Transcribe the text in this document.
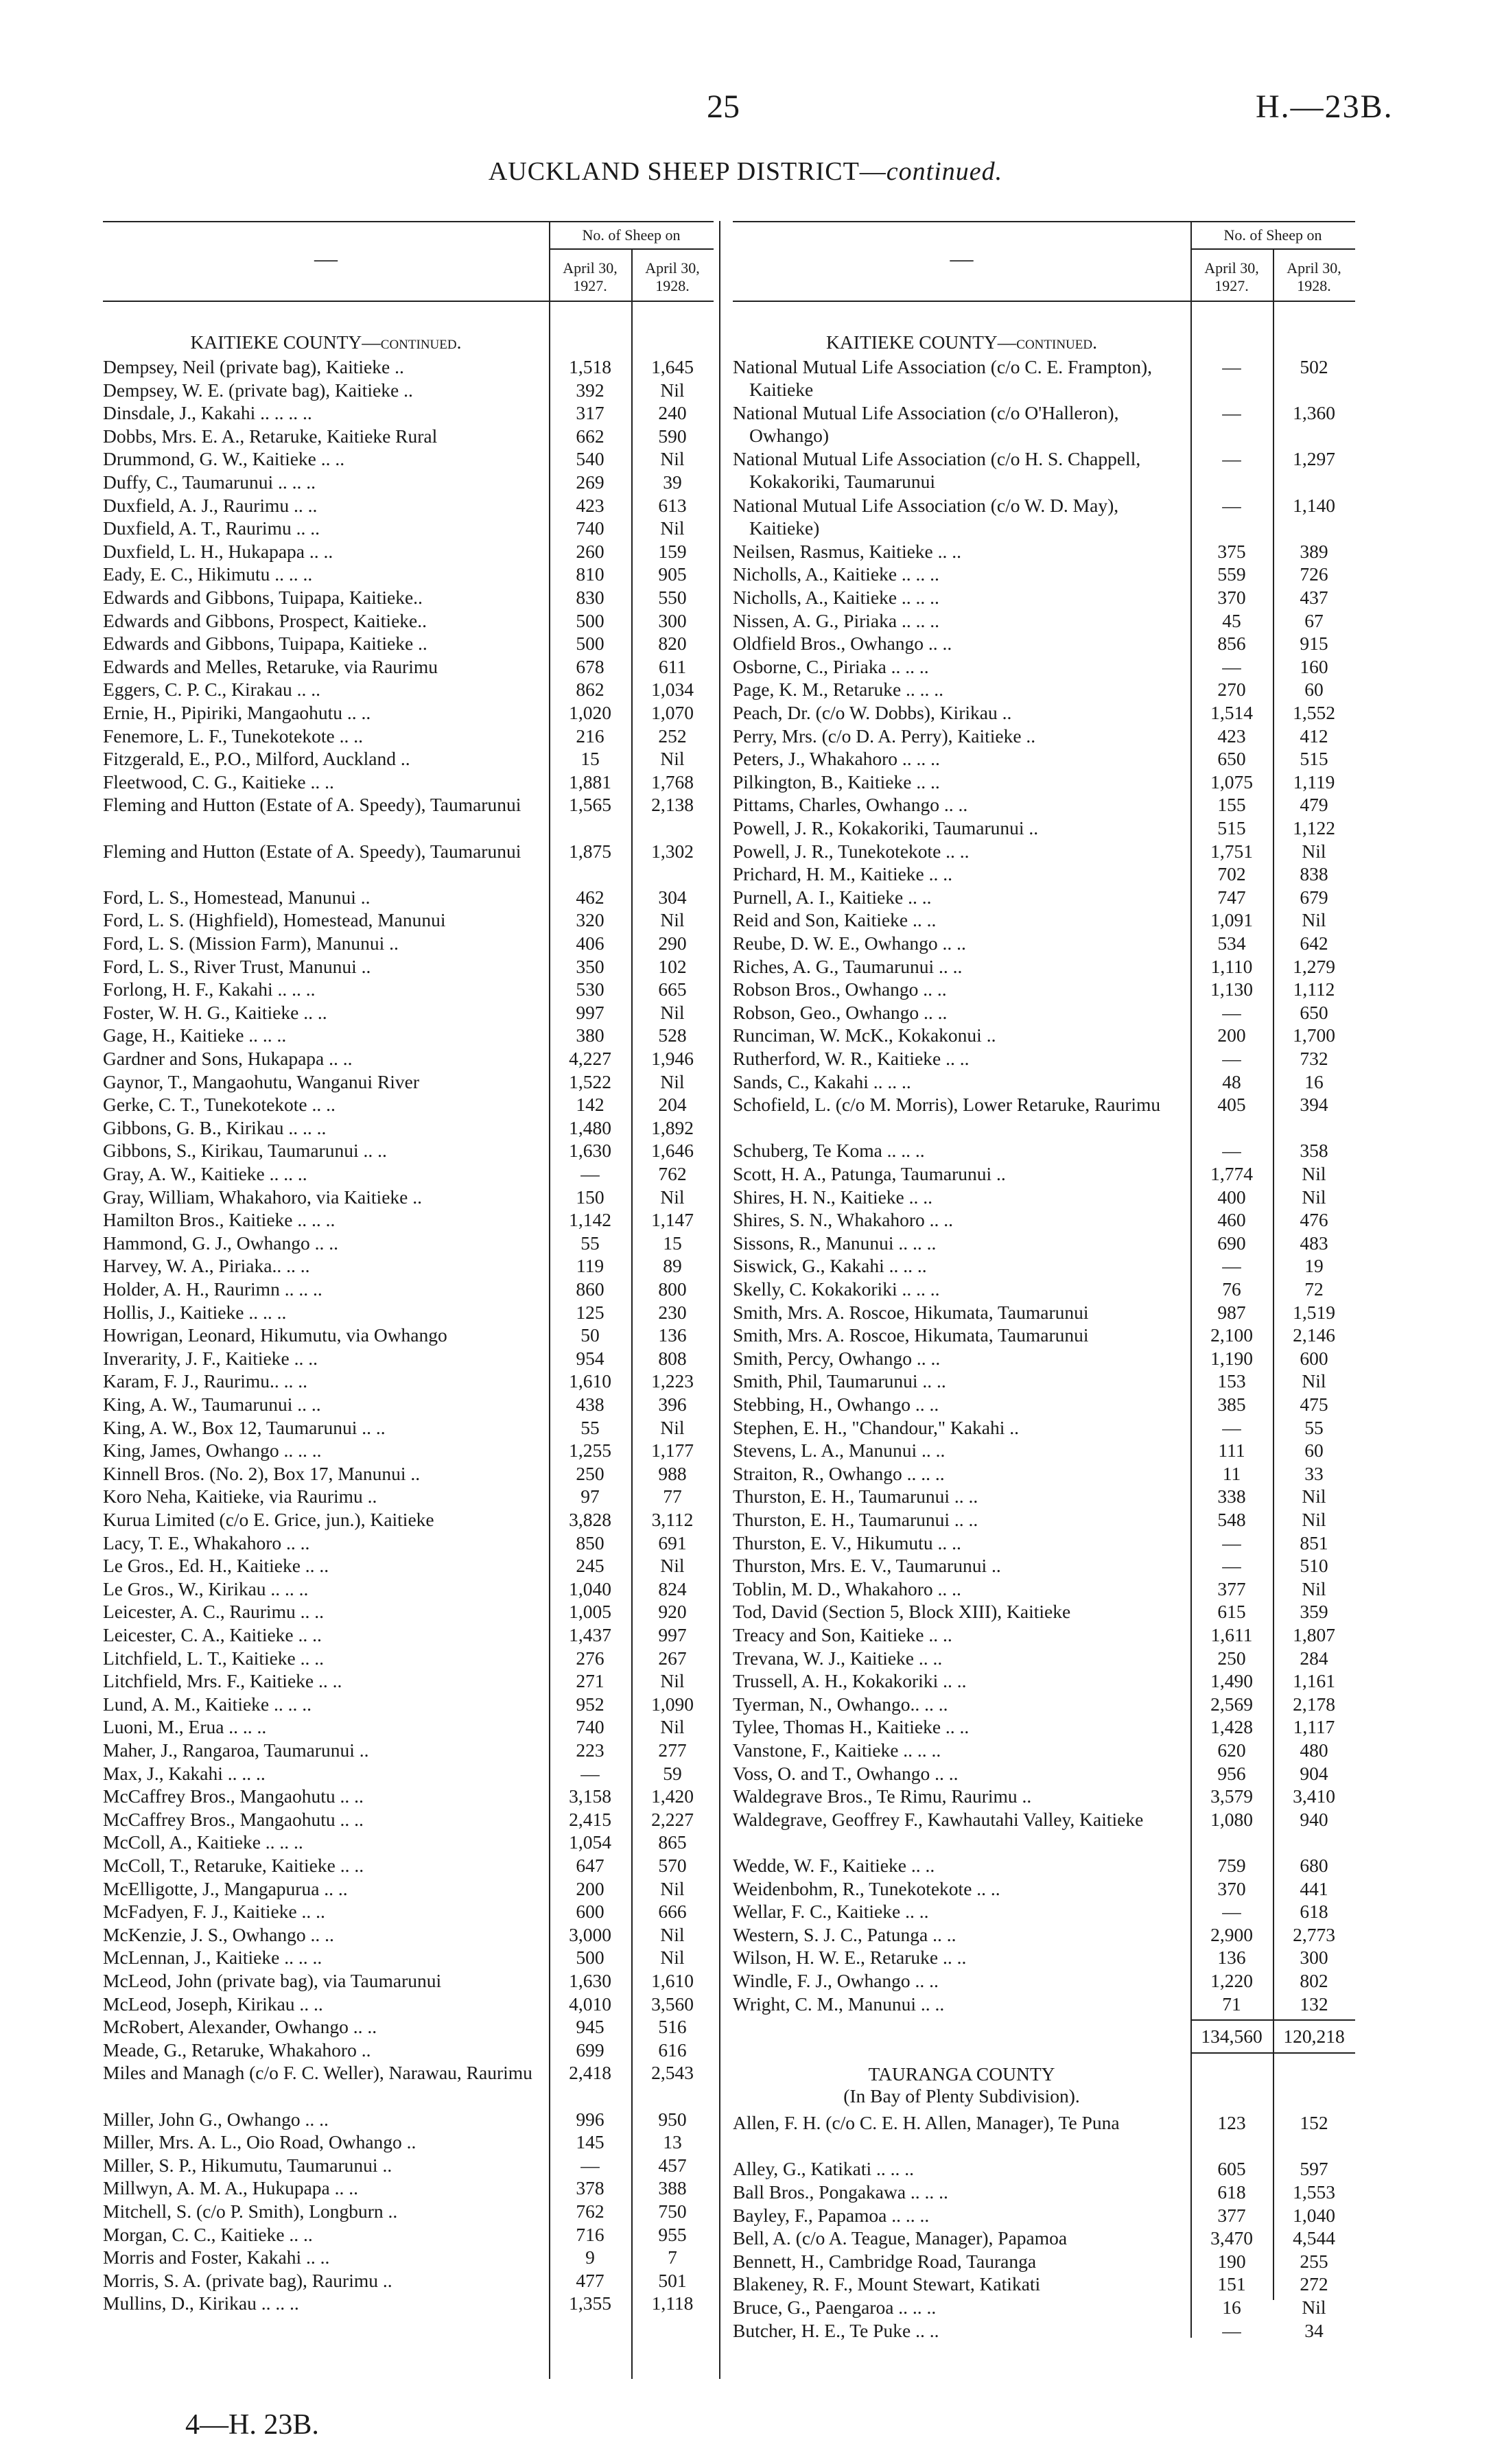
25	H.—23B.
AUCKLAND SHEEP DISTRICT—continued.
—
No. of Sheep on
April 30, 1927.
April 30, 1928.
KAITIEKE COUNTY—continued.
—
No. of Sheep on
April 30, 1927.
April 30, 1928.
KAITIEKE COUNTY—continued.
Dempsey, Neil (private bag), Kaitieke ..	1,518	1,645
Dempsey, W. E. (private bag), Kaitieke ..	392	Nil
Dinsdale, J., Kakahi .. .. .. ..	317	240
Dobbs, Mrs. E. A., Retaruke, Kaitieke Rural	662	590
Drummond, G. W., Kaitieke .. ..	540	Nil
Duffy, C., Taumarunui .. .. ..	269	39
Duxfield, A. J., Raurimu .. ..	423	613
Duxfield, A. T., Raurimu .. ..	740	Nil
Duxfield, L. H., Hukapapa .. ..	260	159
Eady, E. C., Hikimutu .. .. ..	810	905
Edwards and Gibbons, Tuipapa, Kaitieke..	830	550
Edwards and Gibbons, Prospect, Kaitieke..	500	300
Edwards and Gibbons, Tuipapa, Kaitieke ..	500	820
Edwards and Melles, Retaruke, via Raurimu	678	611
Eggers, C. P. C., Kirakau .. ..	862	1,034
Ernie, H., Pipiriki, Mangaohutu .. ..	1,020	1,070
Fenemore, L. F., Tunekotekote .. ..	216	252
Fitzgerald, E., P.O., Milford, Auckland ..	15	Nil
Fleetwood, C. G., Kaitieke .. ..	1,881	1,768
Fleming and Hutton (Estate of A. Speedy), Taumarunui	1,565	2,138
Fleming and Hutton (Estate of A. Speedy), Taumarunui	1,875	1,302
Ford, L. S., Homestead, Manunui ..	462	304
Ford, L. S. (Highfield), Homestead, Manunui	320	Nil
Ford, L. S. (Mission Farm), Manunui ..	406	290
Ford, L. S., River Trust, Manunui ..	350	102
Forlong, H. F., Kakahi .. .. ..	530	665
Foster, W. H. G., Kaitieke .. ..	997	Nil
Gage, H., Kaitieke .. .. ..	380	528
Gardner and Sons, Hukapapa .. ..	4,227	1,946
Gaynor, T., Mangaohutu, Wanganui River	1,522	Nil
Gerke, C. T., Tunekotekote .. ..	142	204
Gibbons, G. B., Kirikau .. .. ..	1,480	1,892
Gibbons, S., Kirikau, Taumarunui .. ..	1,630	1,646
Gray, A. W., Kaitieke .. .. ..	—	762
Gray, William, Whakahoro, via Kaitieke ..	150	Nil
Hamilton Bros., Kaitieke .. .. ..	1,142	1,147
Hammond, G. J., Owhango .. ..	55	15
Harvey, W. A., Piriaka.. .. ..	119	89
Holder, A. H., Raurimn .. .. ..	860	800
Hollis, J., Kaitieke .. .. ..	125	230
Howrigan, Leonard, Hikumutu, via Owhango	50	136
Inverarity, J. F., Kaitieke .. ..	954	808
Karam, F. J., Raurimu.. .. ..	1,610	1,223
King, A. W., Taumarunui .. ..	438	396
King, A. W., Box 12, Taumarunui .. ..	55	Nil
King, James, Owhango .. .. ..	1,255	1,177
Kinnell Bros. (No. 2), Box 17, Manunui ..	250	988
Koro Neha, Kaitieke, via Raurimu ..	97	77
Kurua Limited (c/o E. Grice, jun.), Kaitieke	3,828	3,112
Lacy, T. E., Whakahoro .. ..	850	691
Le Gros., Ed. H., Kaitieke .. ..	245	Nil
Le Gros., W., Kirikau .. .. ..	1,040	824
Leicester, A. C., Raurimu .. ..	1,005	920
Leicester, C. A., Kaitieke .. ..	1,437	997
Litchfield, L. T., Kaitieke .. ..	276	267
Litchfield, Mrs. F., Kaitieke .. ..	271	Nil
Lund, A. M., Kaitieke .. .. ..	952	1,090
Luoni, M., Erua .. .. ..	740	Nil
Maher, J., Rangaroa, Taumarunui ..	223	277
Max, J., Kakahi .. .. ..	—	59
McCaffrey Bros., Mangaohutu .. ..	3,158	1,420
McCaffrey Bros., Mangaohutu .. ..	2,415	2,227
McColl, A., Kaitieke .. .. ..	1,054	865
McColl, T., Retaruke, Kaitieke .. ..	647	570
McElligotte, J., Mangapurua .. ..	200	Nil
McFadyen, F. J., Kaitieke .. ..	600	666
McKenzie, J. S., Owhango .. ..	3,000	Nil
McLennan, J., Kaitieke .. .. ..	500	Nil
McLeod, John (private bag), via Taumarunui	1,630	1,610
McLeod, Joseph, Kirikau .. ..	4,010	3,560
McRobert, Alexander, Owhango .. ..	945	516
Meade, G., Retaruke, Whakahoro ..	699	616
Miles and Managh (c/o F. C. Weller), Narawau, Raurimu	2,418	2,543
Miller, John G., Owhango .. ..	996	950
Miller, Mrs. A. L., Oio Road, Owhango ..	145	13
Miller, S. P., Hikumutu, Taumarunui ..	—	457
Millwyn, A. M. A., Hukupapa .. ..	378	388
Mitchell, S. (c/o P. Smith), Longburn ..	762	750
Morgan, C. C., Kaitieke .. ..	716	955
Morris and Foster, Kakahi .. ..	9	7
Morris, S. A. (private bag), Raurimu ..	477	501
Mullins, D., Kirikau .. .. ..	1,355	1,118
National Mutual Life Association (c/o C. E. Frampton), Kaitieke
—	502
National Mutual Life Association (c/o O'Halleron), Owhango)
—	1,360
National Mutual Life Association (c/o H. S. Chappell, Kokakoriki, Taumarunui
—	1,297
National Mutual Life Association (c/o W. D. May), Kaitieke)
—	1,140
Neilsen, Rasmus, Kaitieke .. ..	375	389
Nicholls, A., Kaitieke .. .. ..	559	726
Nicholls, A., Kaitieke .. .. ..	370	437
Nissen, A. G., Piriaka .. .. ..	45	67
Oldfield Bros., Owhango .. ..	856	915
Osborne, C., Piriaka .. .. ..	—	160
Page, K. M., Retaruke .. .. ..	270	60
Peach, Dr. (c/o W. Dobbs), Kirikau ..	1,514	1,552
Perry, Mrs. (c/o D. A. Perry), Kaitieke ..	423	412
Peters, J., Whakahoro .. .. ..	650	515
Pilkington, B., Kaitieke .. ..	1,075	1,119
Pittams, Charles, Owhango .. ..	155	479
Powell, J. R., Kokakoriki, Taumarunui ..	515	1,122
Powell, J. R., Tunekotekote .. ..	1,751	Nil
Prichard, H. M., Kaitieke .. ..	702	838
Purnell, A. I., Kaitieke .. ..	747	679
Reid and Son, Kaitieke .. ..	1,091	Nil
Reube, D. W. E., Owhango .. ..	534	642
Riches, A. G., Taumarunui .. ..	1,110	1,279
Robson Bros., Owhango .. ..	1,130	1,112
Robson, Geo., Owhango .. ..	—	650
Runciman, W. McK., Kokakonui ..	200	1,700
Rutherford, W. R., Kaitieke .. ..	—	732
Sands, C., Kakahi .. .. ..	48	16
Schofield, L. (c/o M. Morris), Lower Retaruke, Raurimu	405	394
Schuberg, Te Koma .. .. ..	—	358
Scott, H. A., Patunga, Taumarunui ..	1,774	Nil
Shires, H. N., Kaitieke .. ..	400	Nil
Shires, S. N., Whakahoro .. ..	460	476
Sissons, R., Manunui .. .. ..	690	483
Siswick, G., Kakahi .. .. ..	—	19
Skelly, C. Kokakoriki .. .. ..	76	72
Smith, Mrs. A. Roscoe, Hikumata, Taumarunui	987	1,519
Smith, Mrs. A. Roscoe, Hikumata, Taumarunui	2,100	2,146
Smith, Percy, Owhango .. ..	1,190	600
Smith, Phil, Taumarunui .. ..	153	Nil
Stebbing, H., Owhango .. ..	385	475
Stephen, E. H., "Chandour," Kakahi ..	—	55
Stevens, L. A., Manunui .. ..	111	60
Straiton, R., Owhango .. .. ..	11	33
Thurston, E. H., Taumarunui .. ..	338	Nil
Thurston, E. H., Taumarunui .. ..	548	Nil
Thurston, E. V., Hikumutu .. ..	—	851
Thurston, Mrs. E. V., Taumarunui ..	—	510
Toblin, M. D., Whakahoro .. ..	377	Nil
Tod, David (Section 5, Block XIII), Kaitieke	615	359
Treacy and Son, Kaitieke .. ..	1,611	1,807
Trevana, W. J., Kaitieke .. ..	250	284
Trussell, A. H., Kokakoriki .. ..	1,490	1,161
Tyerman, N., Owhango.. .. ..	2,569	2,178
Tylee, Thomas H., Kaitieke .. ..	1,428	1,117
Vanstone, F., Kaitieke .. .. ..	620	480
Voss, O. and T., Owhango .. ..	956	904
Waldegrave Bros., Te Rimu, Raurimu ..	3,579	3,410
Waldegrave, Geoffrey F., Kawhautahi Valley, Kaitieke	1,080	940
Wedde, W. F., Kaitieke .. ..	759	680
Weidenbohm, R., Tunekotekote .. ..	370	441
Wellar, F. C., Kaitieke .. ..	—	618
Western, S. J. C., Patunga .. ..	2,900	2,773
Wilson, H. W. E., Retaruke .. ..	136	300
Windle, F. J., Owhango .. ..	1,220	802
Wright, C. M., Manunui .. ..	71	132
134,560	120,218
TAURANGA COUNTY
(In Bay of Plenty Subdivision).
Allen, F. H. (c/o C. E. H. Allen, Manager), Te Puna	123	152
Alley, G., Katikati .. .. ..	605	597
Ball Bros., Pongakawa .. .. ..	618	1,553
Bayley, F., Papamoa .. .. ..	377	1,040
Bell, A. (c/o A. Teague, Manager), Papamoa	3,470	4,544
Bennett, H., Cambridge Road, Tauranga	190	255
Blakeney, R. F., Mount Stewart, Katikati	151	272
Bruce, G., Paengaroa .. .. ..	16	Nil
Butcher, H. E., Te Puke .. ..	—	34
4—H. 23B.
